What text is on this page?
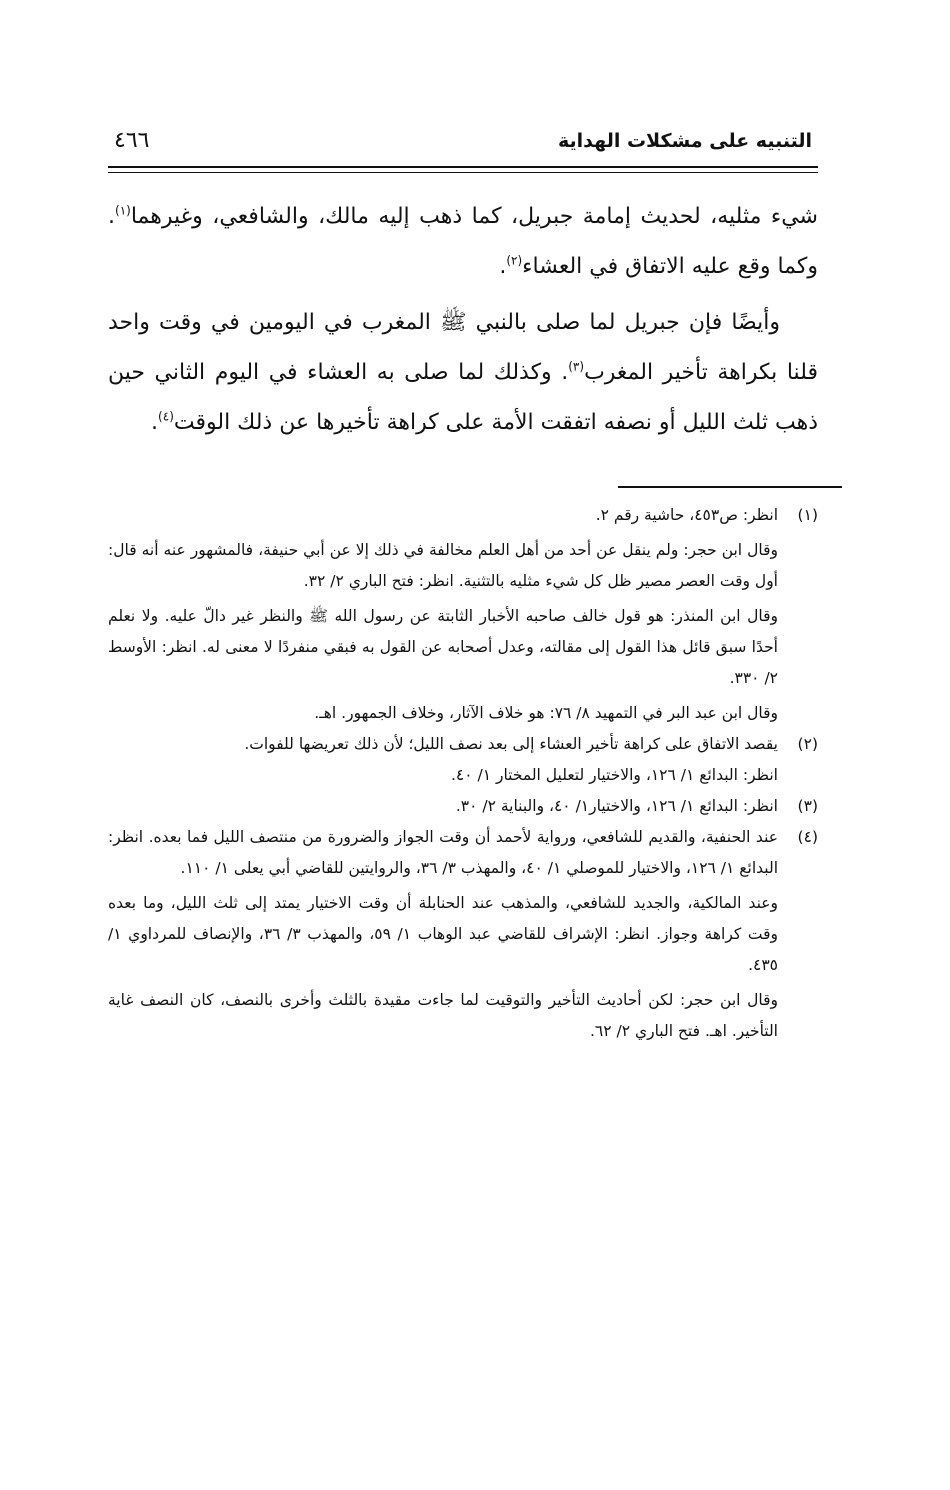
التنبيه على مشكلات الهداية
٤٦٦

شيء مثليه، لحديث إمامة جبريل، كما ذهب إليه مالك، والشافعي، وغيرهما$^{(١)}$. وكما وقع عليه الاتفاق في العشاء$^{(٢)}$.

وأيضًا فإن جبريل لما صلى بالنبي ﷺ المغرب في اليومين في وقت واحد قلنا بكراهة تأخير المغرب$^{(٣)}$. وكذلك لما صلى به العشاء في اليوم الثاني حين ذهب ثلث الليل أو نصفه اتفقت الأمة على كراهة تأخيرها عن ذلك الوقت$^{(٤)}$.

(١)
انظر: ص٤٥٣، حاشية رقم ٢.
وقال ابن حجر: ولم ينقل عن أحد من أهل العلم مخالفة في ذلك إلا عن أبي حنيفة، فالمشهور عنه أنه قال: أول وقت العصر مصير ظل كل شيء مثليه بالتثنية. انظر: فتح الباري ٢/ ٣٢.
وقال ابن المنذر: هو قول خالف صاحبه الأخبار الثابتة عن رسول الله ﷺ والنظر غير دالّ عليه. ولا نعلم أحدًا سبق قائل هذا القول إلى مقالته، وعدل أصحابه عن القول به فبقي منفردًا لا معنى له. انظر: الأوسط ٢/ ٣٣٠.
وقال ابن عبد البر في التمهيد ٨/ ٧٦: هو خلاف الآثار، وخلاف الجمهور. اهـ.
(٢)
يقصد الاتفاق على كراهة تأخير العشاء إلى بعد نصف الليل؛ لأن ذلك تعريضها للفوات.
انظر: البدائع ١/ ١٢٦، والاختيار لتعليل المختار ١/ ٤٠.
(٣)
انظر: البدائع ١/ ١٢٦، والاختيار١/ ٤٠، والبناية ٢/ ٣٠.
(٤)
عند الحنفية، والقديم للشافعي، ورواية لأحمد أن وقت الجواز والضرورة من منتصف الليل فما بعده. انظر: البدائع ١/ ١٢٦، والاختيار للموصلي ١/ ٤٠، والمهذب ٣/ ٣٦، والروايتين للقاضي أبي يعلى ١/ ١١٠.
وعند المالكية، والجديد للشافعي، والمذهب عند الحنابلة أن وقت الاختيار يمتد إلى ثلث الليل، وما بعده وقت كراهة وجواز. انظر: الإشراف للقاضي عبد الوهاب ١/ ٥٩، والمهذب ٣/ ٣٦، والإنصاف للمرداوي ١/ ٤٣٥.
وقال ابن حجر: لكن أحاديث التأخير والتوقيت لما جاءت مقيدة بالثلث وأخرى بالنصف، كان النصف غاية التأخير. اهـ. فتح الباري ٢/ ٦٢.
